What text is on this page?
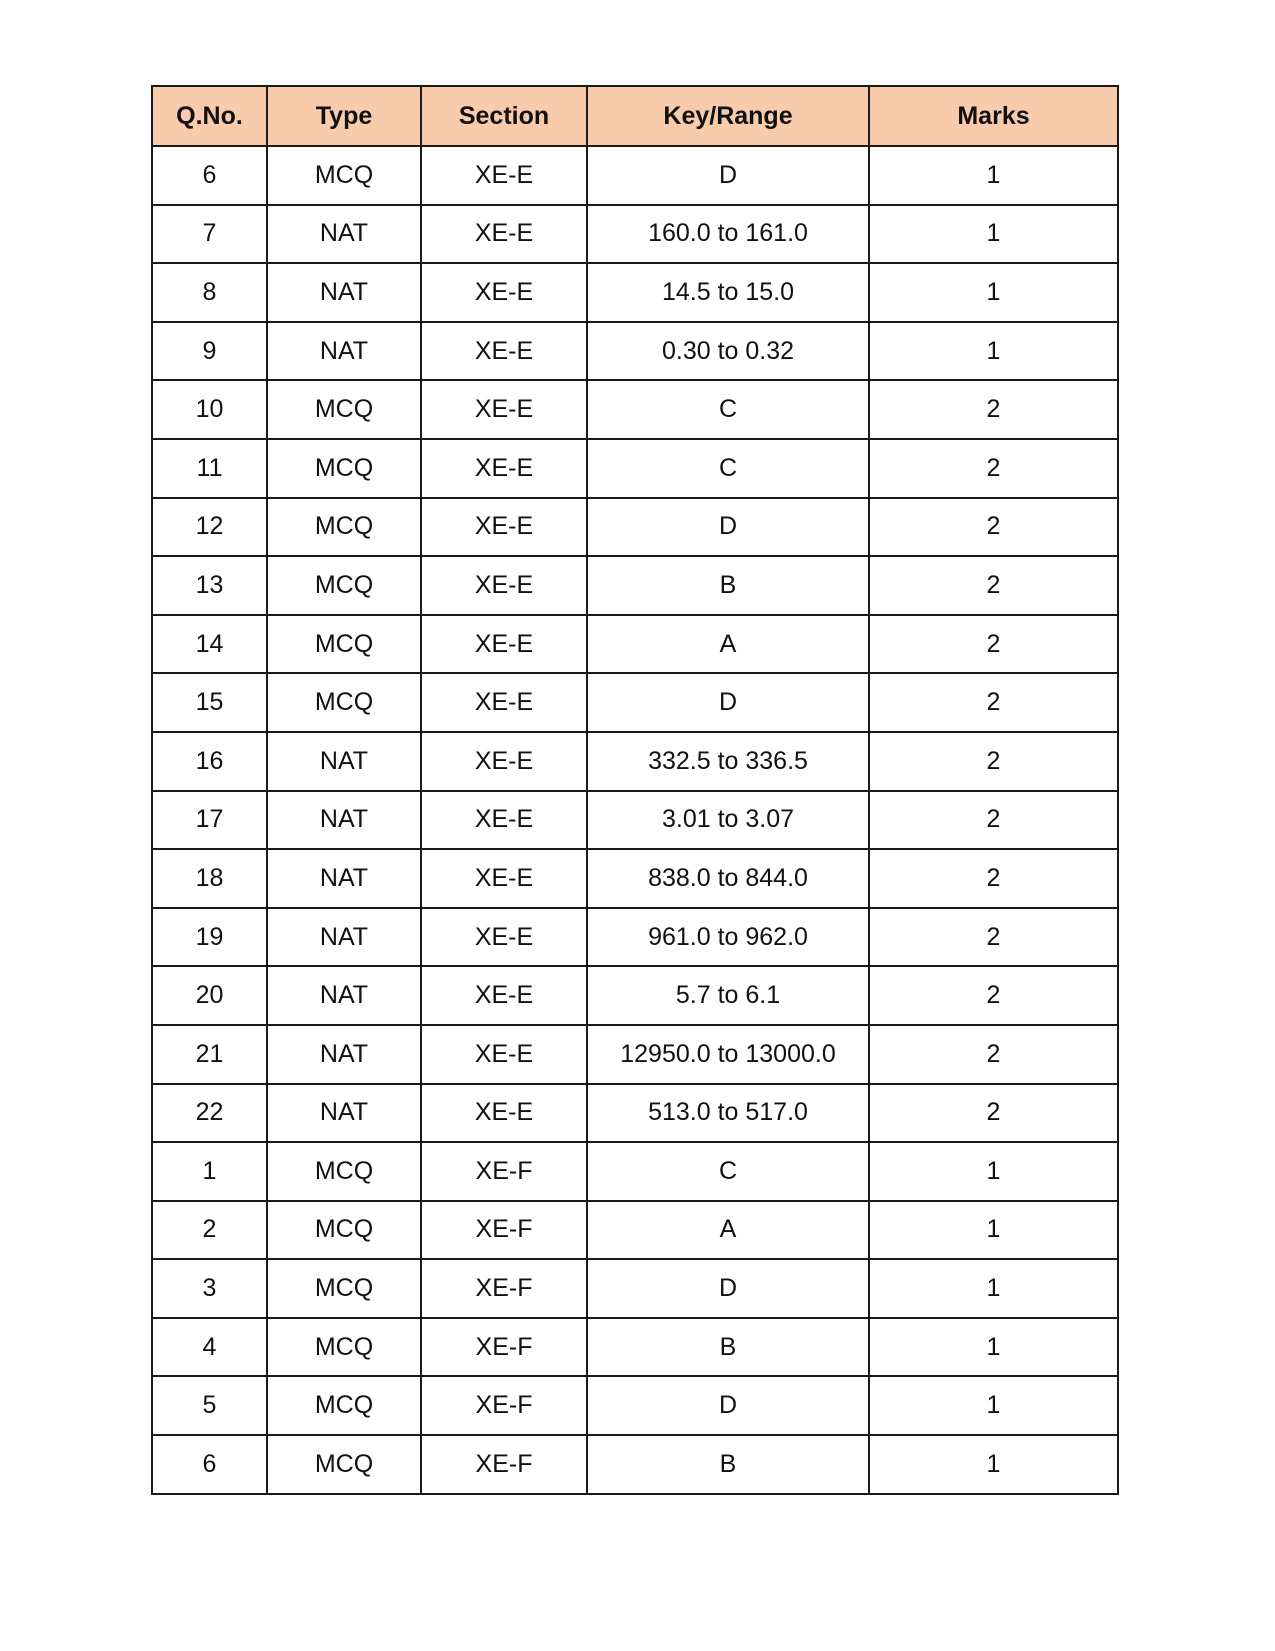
Q.No.	Type	Section	Key/Range	Marks
6	MCQ	XE-E	D	1
7	NAT	XE-E	160.0 to 161.0	1
8	NAT	XE-E	14.5 to 15.0	1
9	NAT	XE-E	0.30 to 0.32	1
10	MCQ	XE-E	C	2
11	MCQ	XE-E	C	2
12	MCQ	XE-E	D	2
13	MCQ	XE-E	B	2
14	MCQ	XE-E	A	2
15	MCQ	XE-E	D	2
16	NAT	XE-E	332.5 to 336.5	2
17	NAT	XE-E	3.01 to 3.07	2
18	NAT	XE-E	838.0 to 844.0	2
19	NAT	XE-E	961.0 to 962.0	2
20	NAT	XE-E	5.7 to 6.1	2
21	NAT	XE-E	12950.0 to 13000.0	2
22	NAT	XE-E	513.0 to 517.0	2
1	MCQ	XE-F	C	1
2	MCQ	XE-F	A	1
3	MCQ	XE-F	D	1
4	MCQ	XE-F	B	1
5	MCQ	XE-F	D	1
6	MCQ	XE-F	B	1
